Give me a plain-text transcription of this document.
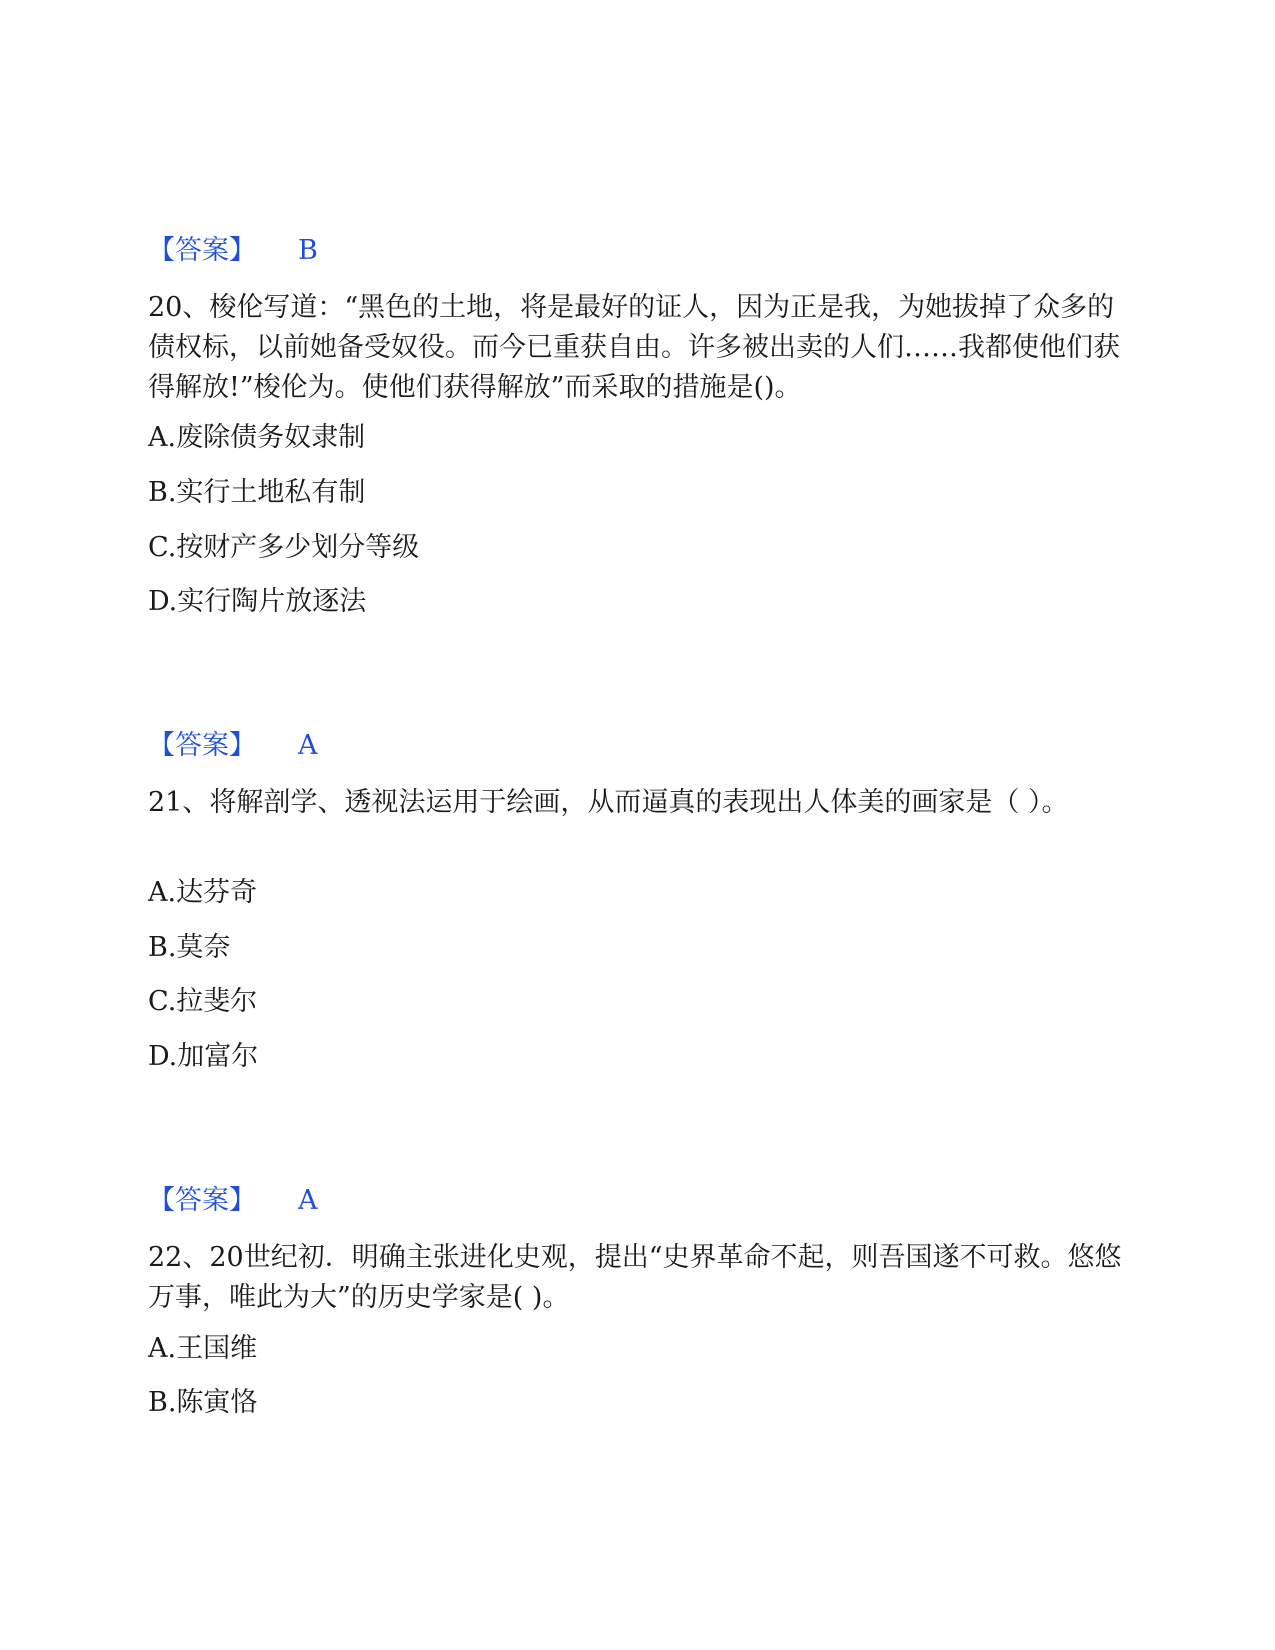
【答案】 B

20、梭伦写道：“黑色的土地，将是最好的证人，因为正是我，为她拔掉了众多的债权标，以前她备受奴役。而今已重获自由。许多被出卖的人们……我都使他们获得解放!”梭伦为。使他们获得解放”而采取的措施是()。

A.废除债务奴隶制
B.实行土地私有制
C.按财产多少划分等级
D.实行陶片放逐法
【答案】 A

21、将解剖学、透视法运用于绘画，从而逼真的表现出人体美的画家是（ ）。

A.达芬奇
B.莫奈
C.拉斐尔
D.加富尔
【答案】 A

22、20世纪初．明确主张进化史观，提出“史界革命不起，则吾国遂不可救。悠悠万事，唯此为大”的历史学家是( )。

A.王国维
B.陈寅恪
